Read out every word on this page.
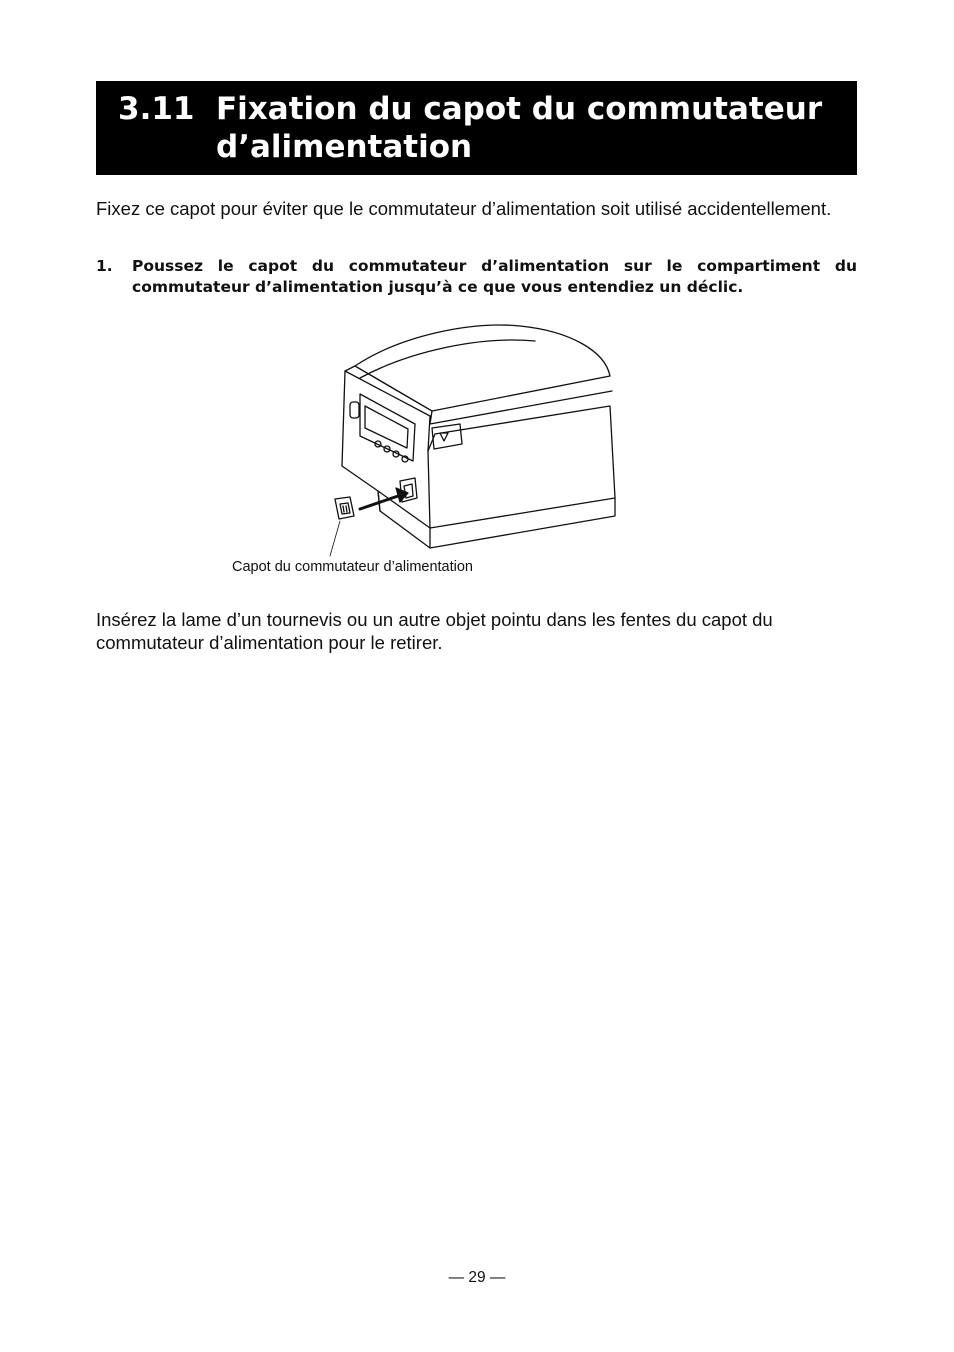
3.11 Fixation du capot du commutateur d’alimentation

Fixez ce capot pour éviter que le commutateur d’alimentation soit utilisé accidentellement.

1. Poussez le capot du commutateur d’alimentation sur le compartiment du commutateur d’alimentation jusqu’à ce que vous entendiez un déclic.

Capot du commutateur d’alimentation

Insérez la lame d’un tournevis ou un autre objet pointu dans les fentes du capot du commutateur d’alimentation pour le retirer.

— 29 —
